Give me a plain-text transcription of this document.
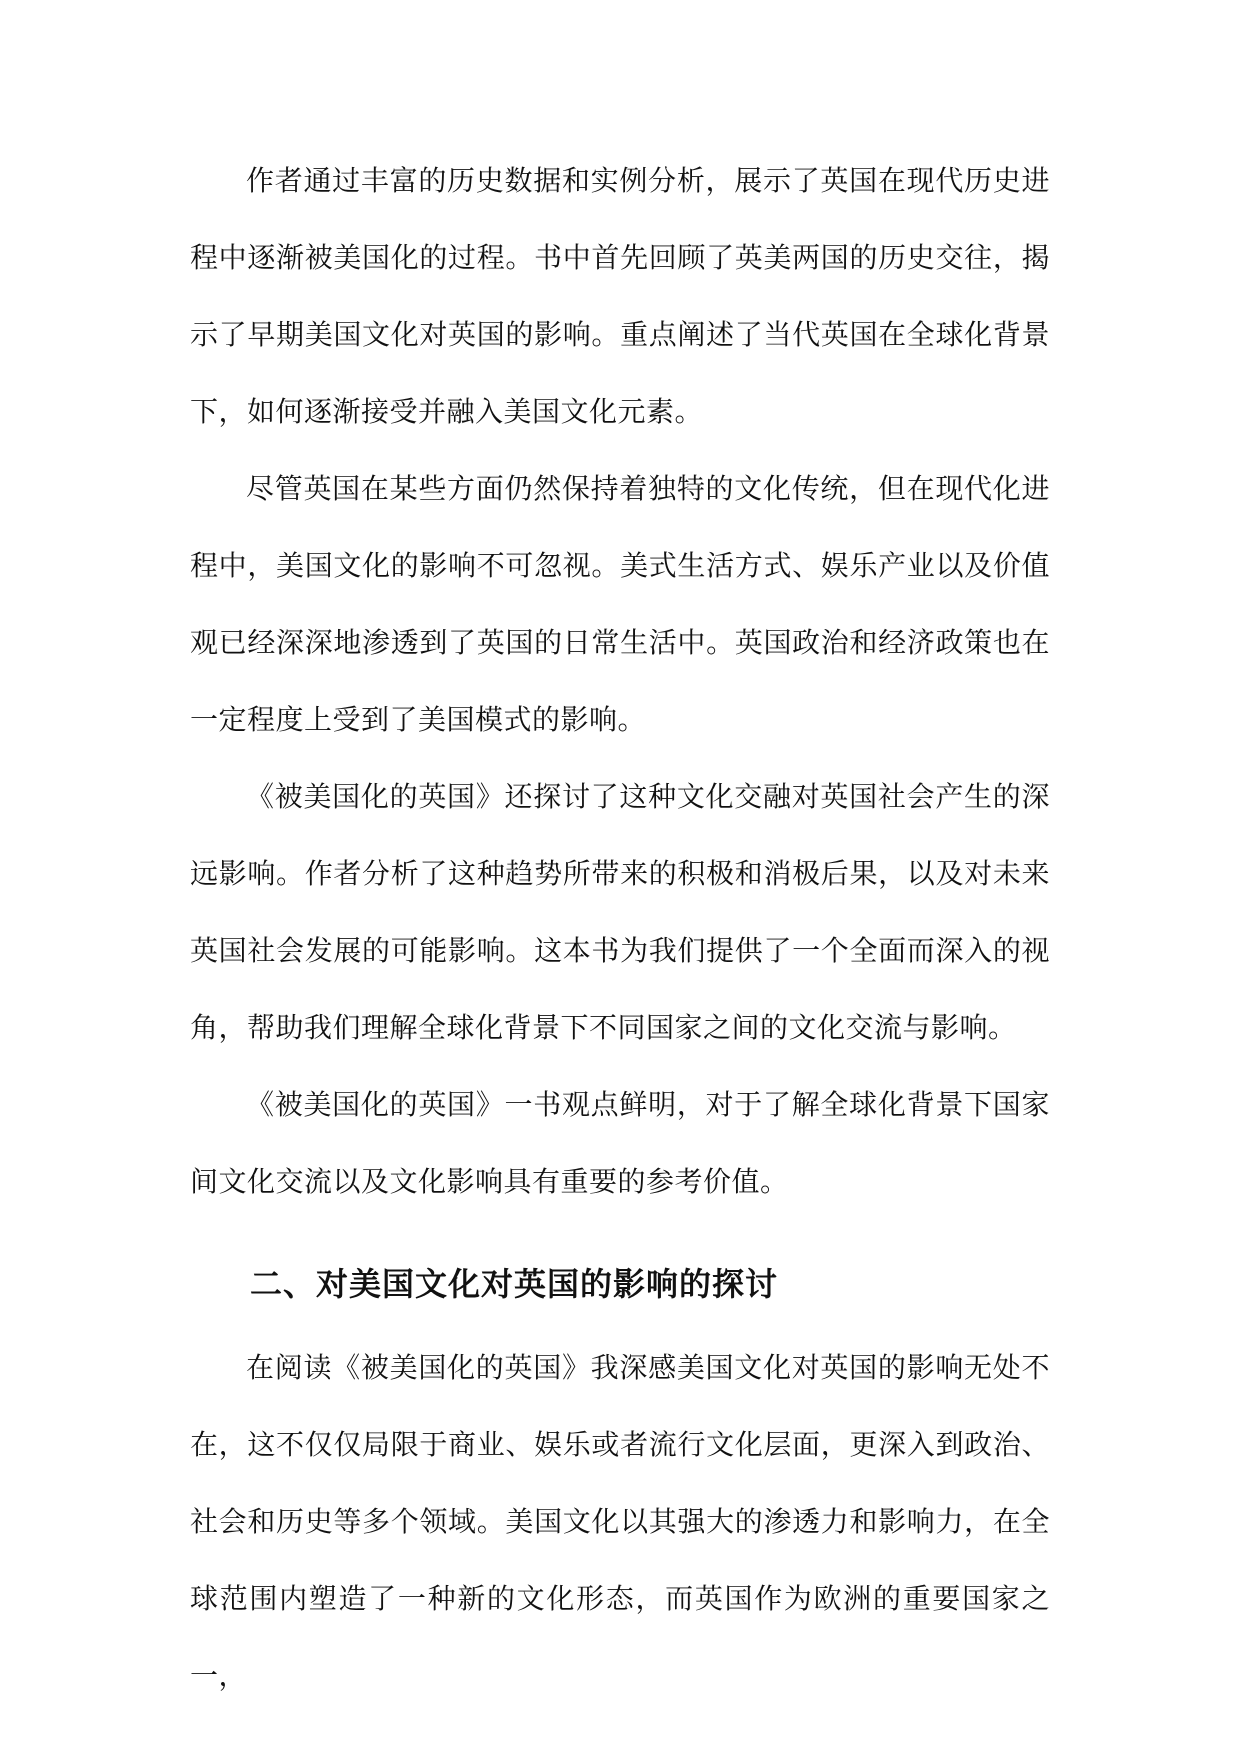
作者通过丰富的历史数据和实例分析，展示了英国在现代历史进程中逐渐被美国化的过程。书中首先回顾了英美两国的历史交往，揭示了早期美国文化对英国的影响。重点阐述了当代英国在全球化背景下，如何逐渐接受并融入美国文化元素。

尽管英国在某些方面仍然保持着独特的文化传统，但在现代化进程中，美国文化的影响不可忽视。美式生活方式、娱乐产业以及价值观已经深深地渗透到了英国的日常生活中。英国政治和经济政策也在一定程度上受到了美国模式的影响。

《被美国化的英国》还探讨了这种文化交融对英国社会产生的深远影响。作者分析了这种趋势所带来的积极和消极后果，以及对未来英国社会发展的可能影响。这本书为我们提供了一个全面而深入的视角，帮助我们理解全球化背景下不同国家之间的文化交流与影响。

《被美国化的英国》一书观点鲜明，对于了解全球化背景下国家间文化交流以及文化影响具有重要的参考价值。

二、对美国文化对英国的影响的探讨

在阅读《被美国化的英国》我深感美国文化对英国的影响无处不在，这不仅仅局限于商业、娱乐或者流行文化层面，更深入到政治、社会和历史等多个领域。美国文化以其强大的渗透力和影响力，在全球范围内塑造了一种新的文化形态，而英国作为欧洲的重要国家之一，
